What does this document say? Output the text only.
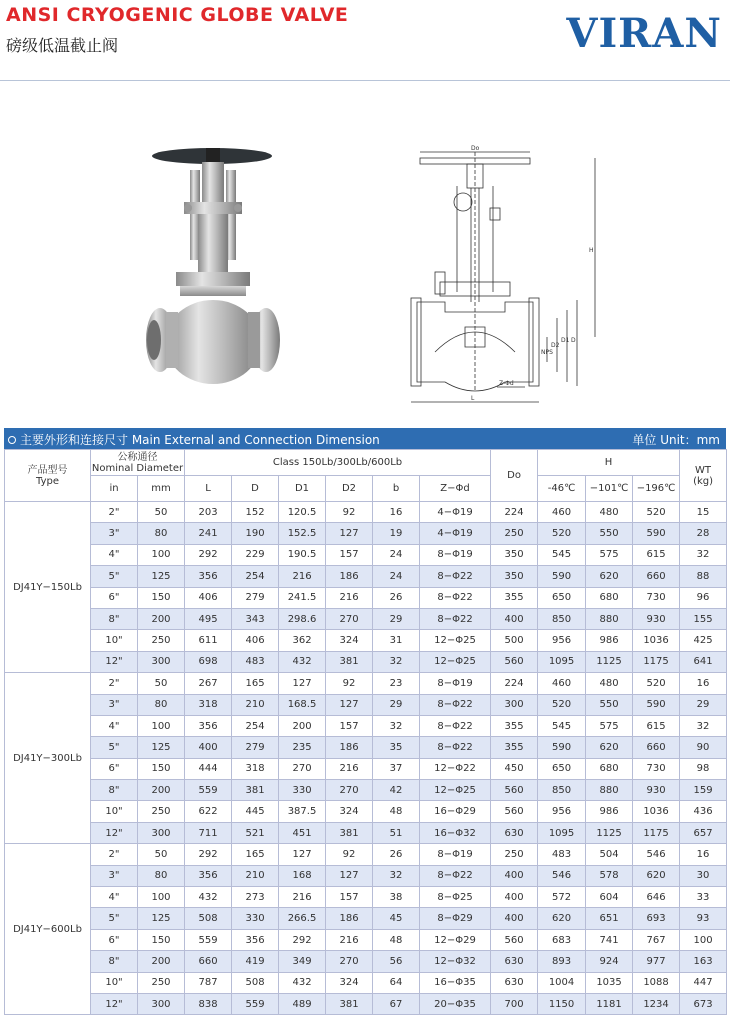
ANSI CRYOGENIC GLOBE VALVE
磅级低温截止阀	VIRAN
Do
H
NPS
D2
D1 D
Z-Φd
L
主要外形和连接尺寸 Main External and Connection Dimension	单位 Unit：mm
产品型号
Type	公称通径
Nominal Diameter		Class 150Lb/300Lb/600Lb						Do	H			WT
(kg)
	in	mm	L	D	D1	D2	b	Z−Φd		-46℃	−101℃	−196℃	
DJ41Y−150Lb	2"	50	203	152	120.5	92	16	4−Φ19	224	460	480	520	15
	3"	80	241	190	152.5	127	19	4−Φ19	250	520	550	590	28
	4"	100	292	229	190.5	157	24	8−Φ19	350	545	575	615	32
	5"	125	356	254	216	186	24	8−Φ22	350	590	620	660	88
	6"	150	406	279	241.5	216	26	8−Φ22	355	650	680	730	96
	8"	200	495	343	298.6	270	29	8−Φ22	400	850	880	930	155
	10"	250	611	406	362	324	31	12−Φ25	500	956	986	1036	425
	12"	300	698	483	432	381	32	12−Φ25	560	1095	1125	1175	641
DJ41Y−300Lb	2"	50	267	165	127	92	23	8−Φ19	224	460	480	520	16
	3"	80	318	210	168.5	127	29	8−Φ22	300	520	550	590	29
	4"	100	356	254	200	157	32	8−Φ22	355	545	575	615	32
	5"	125	400	279	235	186	35	8−Φ22	355	590	620	660	90
	6"	150	444	318	270	216	37	12−Φ22	450	650	680	730	98
	8"	200	559	381	330	270	42	12−Φ25	560	850	880	930	159
	10"	250	622	445	387.5	324	48	16−Φ29	560	956	986	1036	436
	12"	300	711	521	451	381	51	16−Φ32	630	1095	1125	1175	657
DJ41Y−600Lb	2"	50	292	165	127	92	26	8−Φ19	250	483	504	546	16
	3"	80	356	210	168	127	32	8−Φ22	400	546	578	620	30
	4"	100	432	273	216	157	38	8−Φ25	400	572	604	646	33
	5"	125	508	330	266.5	186	45	8−Φ29	400	620	651	693	93
	6"	150	559	356	292	216	48	12−Φ29	560	683	741	767	100
	8"	200	660	419	349	270	56	12−Φ32	630	893	924	977	163
	10"	250	787	508	432	324	64	16−Φ35	630	1004	1035	1088	447
	12"	300	838	559	489	381	67	20−Φ35	700	1150	1181	1234	673
